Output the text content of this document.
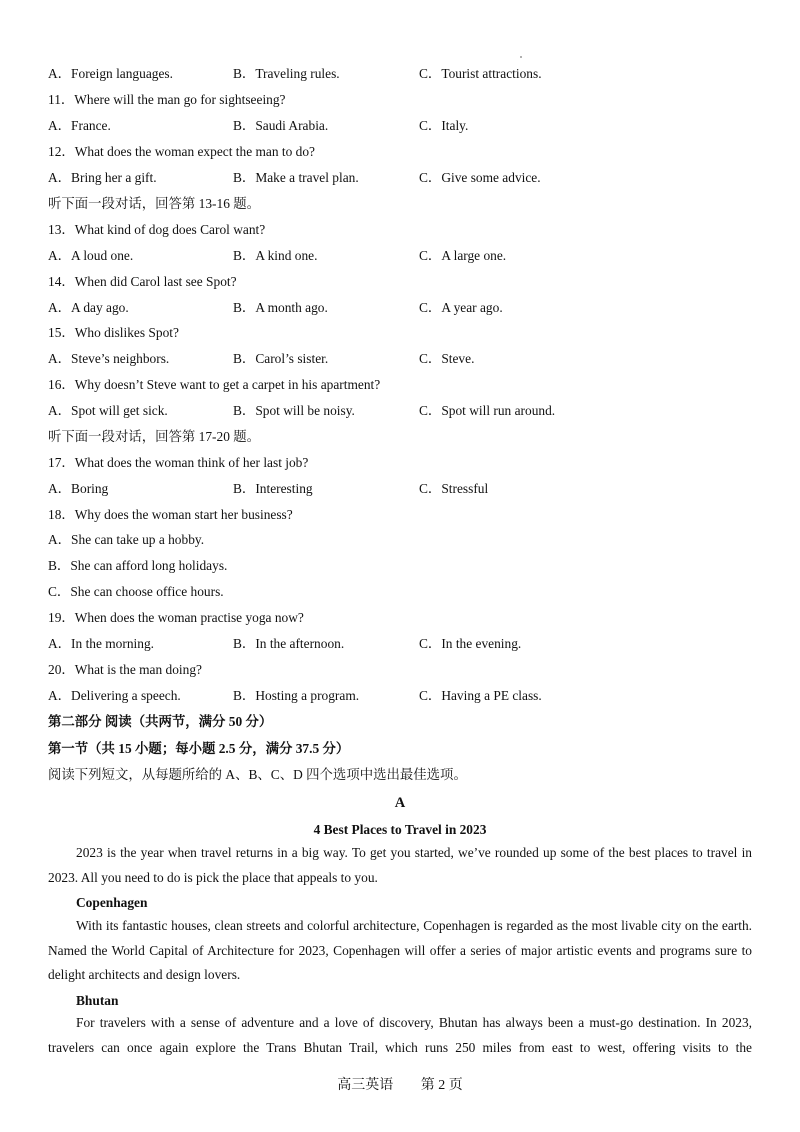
A．Foreign languages.	B．Traveling rules.	C．Tourist attractions.
11．Where will the man go for sightseeing?
A．France.	B．Saudi Arabia.	C．Italy.
12．What does the woman expect the man to do?
A．Bring her a gift.	B．Make a travel plan.	C．Give some advice.
听下面一段对话，回答第 13-16 题。
13．What kind of dog does Carol want?
A．A loud one.	B．A kind one.	C．A large one.
14．When did Carol last see Spot?
A．A day ago.	B．A month ago.	C．A year ago.
15．Who dislikes Spot?
A．Steve’s neighbors.	B．Carol’s sister.	C．Steve.
16．Why doesn’t Steve want to get a carpet in his apartment?
A．Spot will get sick.	B．Spot will be noisy.	C．Spot will run around.
听下面一段对话，回答第 17-20 题。
17．What does the woman think of her last job?
A．Boring	B．Interesting	C．Stressful
18．Why does the woman start her business?
A．She can take up a hobby.
B．She can afford long holidays.
C．She can choose office hours.
19．When does the woman practise yoga now?
A．In the morning.	B．In the afternoon.	C．In the evening.
20．What is the man doing?
A．Delivering a speech.	B．Hosting a program.	C．Having a PE class.
第二部分 阅读（共两节，满分 50 分）
第一节（共 15 小题；每小题 2.5 分，满分 37.5 分）
阅读下列短文，从每题所给的 A、B、C、D 四个选项中选出最佳选项。
A
4 Best Places to Travel in 2023
2023 is the year when travel returns in a big way. To get you started, we’ve rounded up some of the best places to travel in 2023. All you need to do is pick the place that appeals to you.
Copenhagen
With its fantastic houses, clean streets and colorful architecture, Copenhagen is regarded as the most livable city on the earth. Named the World Capital of Architecture for 2023, Copenhagen will offer a series of major artistic events and programs sure to delight architects and design lovers.
Bhutan
For travelers with a sense of adventure and a love of discovery, Bhutan has always been a must-go destination. In 2023, travelers can once again explore the Trans Bhutan Trail, which runs 250 miles from east to west, offering visits to the
高三英语 第 2 页
